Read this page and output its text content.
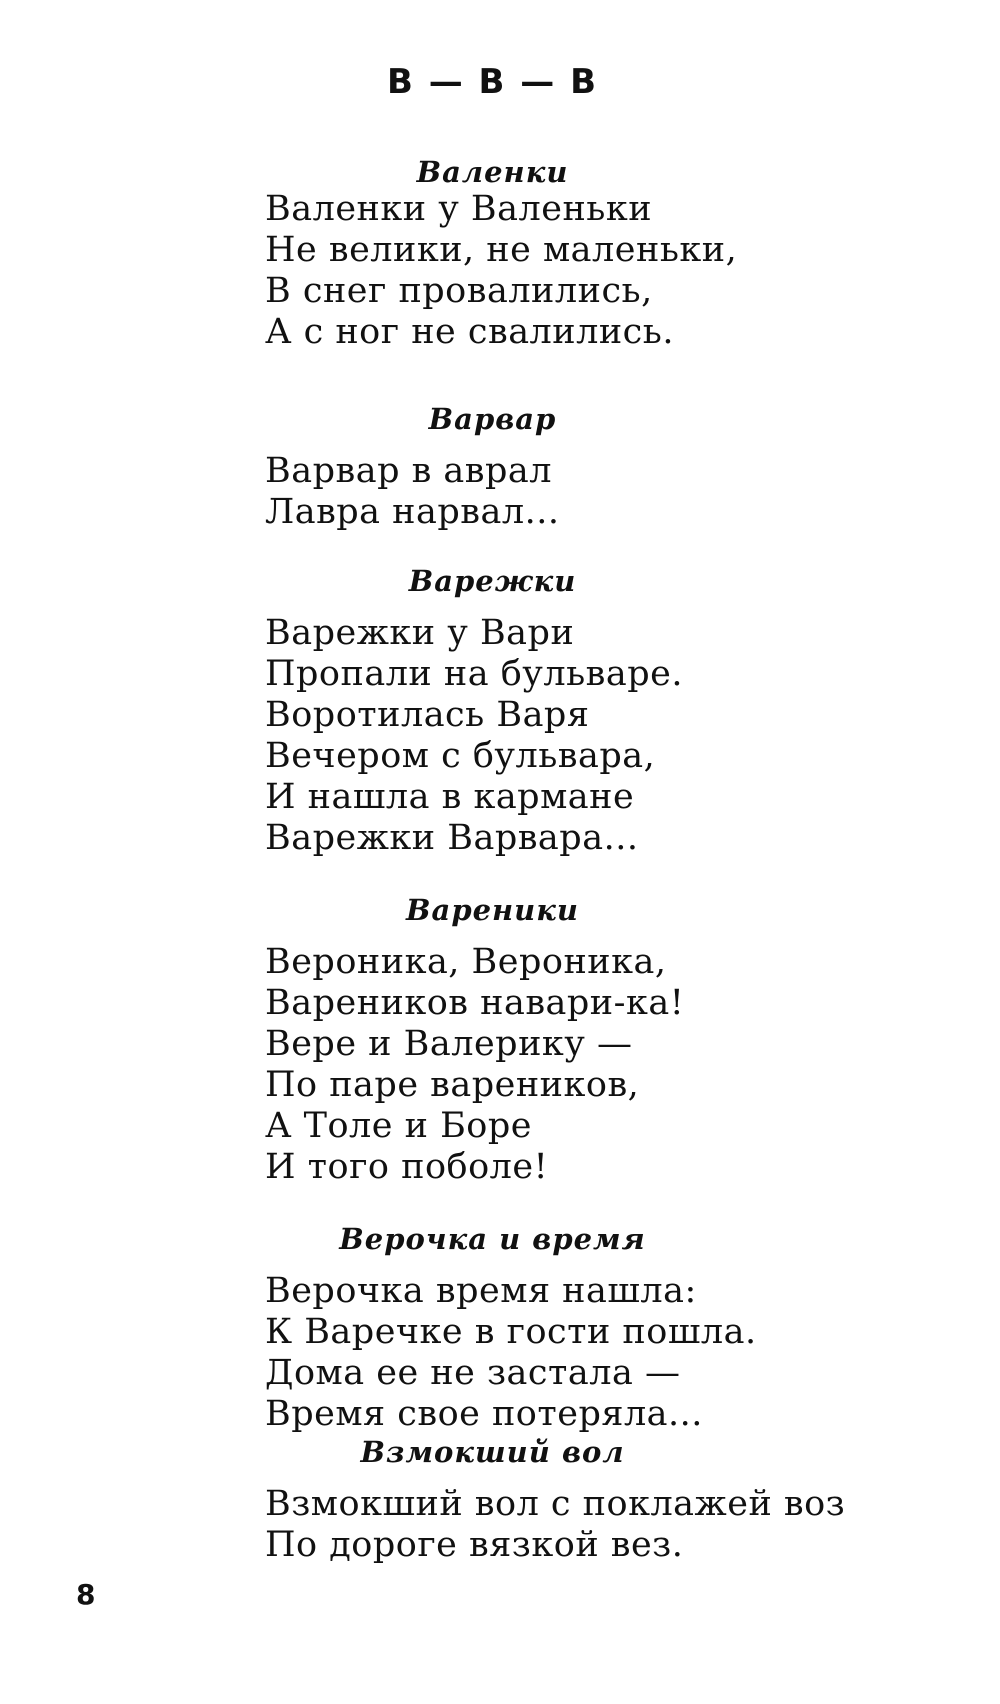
В — В — В
Валенки
Валенки у Валеньки
Не велики, не маленьки,
В снег провалились,
А с ног не свалились.
Варвар
Варвар в аврал
Лавра нарвал...
Варежки
Варежки у Вари
Пропали на бульваре.
Воротилась Варя
Вечером с бульвара,
И нашла в кармане
Варежки Варвара...
Вареники
Вероника, Вероника,
Вареников навари-ка!
Вере и Валерику —
По паре вареников,
А Толе и Боре
И того поболе!
Верочка и время
Верочка время нашла:
К Варечке в гости пошла.
Дома ее не застала —
Время свое потеряла...
Взмокший вол
Взмокший вол с поклажей воз
По дороге вязкой вез.
8
